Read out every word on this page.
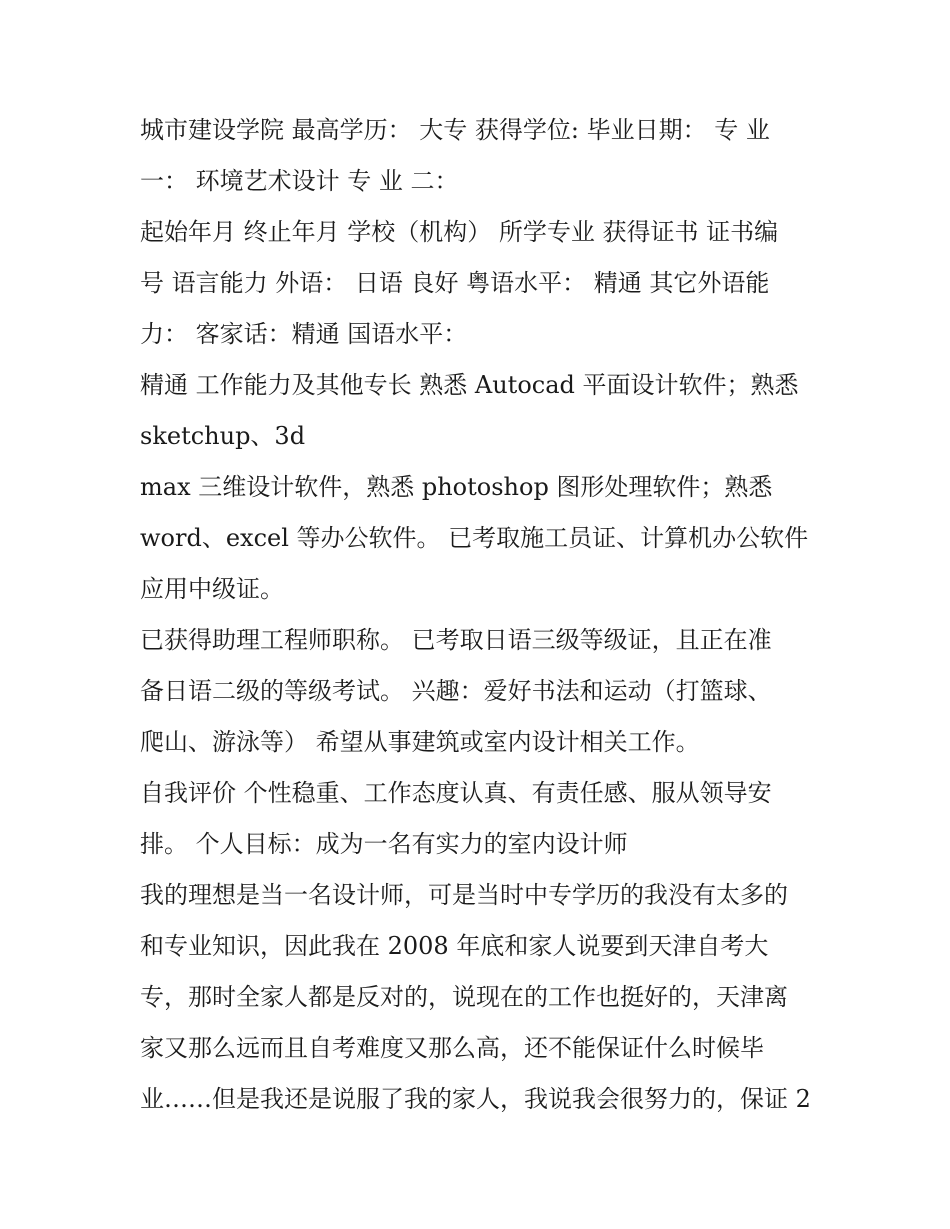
城市建设学院 最高学历： 大专 获得学位: 毕业日期： 专 业
一： 环境艺术设计 专 业 二：
起始年月 终止年月 学校（机构） 所学专业 获得证书 证书编
号 语言能力 外语： 日语 良好 粤语水平： 精通 其它外语能
力： 客家话：精通 国语水平：
精通 工作能力及其他专长 熟悉 Autocad 平面设计软件；熟悉
sketchup、3d
max 三维设计软件，熟悉 photoshop 图形处理软件；熟悉
word、excel 等办公软件。 已考取施工员证、计算机办公软件
应用中级证。
已获得助理工程师职称。 已考取日语三级等级证，且正在准
备日语二级的等级考试。 兴趣：爱好书法和运动（打篮球、
爬山、游泳等） 希望从事建筑或室内设计相关工作。
自我评价 个性稳重、工作态度认真、有责任感、服从领导安
排。 个人目标：成为一名有实力的室内设计师
我的理想是当一名设计师，可是当时中专学历的我没有太多的
和专业知识，因此我在 2008 年底和家人说要到天津自考大
专，那时全家人都是反对的，说现在的工作也挺好的，天津离
家又那么远而且自考难度又那么高，还不能保证什么时候毕
业……但是我还是说服了我的家人，我说我会很努力的，保证 2
